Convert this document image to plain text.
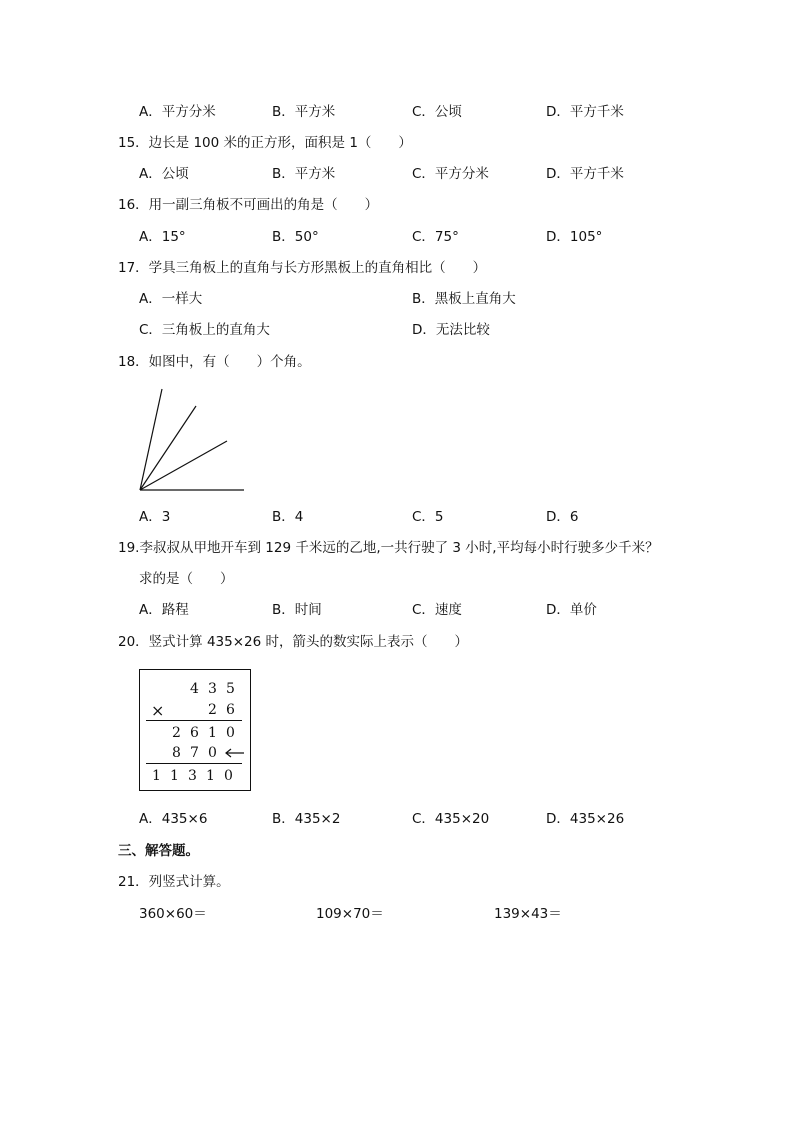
A．平方分米	B．平方米	C．公顷	D．平方千米
15．边长是 100 米的正方形，面积是 1（　　）
A．公顷	B．平方米	C．平方分米	D．平方千米
16．用一副三角板不可画出的角是（　　）
A．15°	B．50°	C．75°	D．105°
17．学具三角板上的直角与长方形黑板上的直角相比（　　）
A．一样大	B．黑板上直角大
C．三角板上的直角大	D．无法比较
18．如图中，有（　　）个角。
A．3	B．4	C．5	D．6
19.李叔叔从甲地开车到 129 千米远的乙地,一共行驶了 3 小时,平均每小时行驶多少千米？
求的是（　　）
A．路程	B．时间	C．速度	D．单价
20．竖式计算 435×26 时，箭头的数实际上表示（　　）
4 3 5
×	2 6
2 6 1 0
8 7 0
1 1 3 1 0
A．435×6	B．435×2	C．435×20	D．435×26
三、解答题。
21．列竖式计算。
360×60＝	109×70＝	139×43＝
